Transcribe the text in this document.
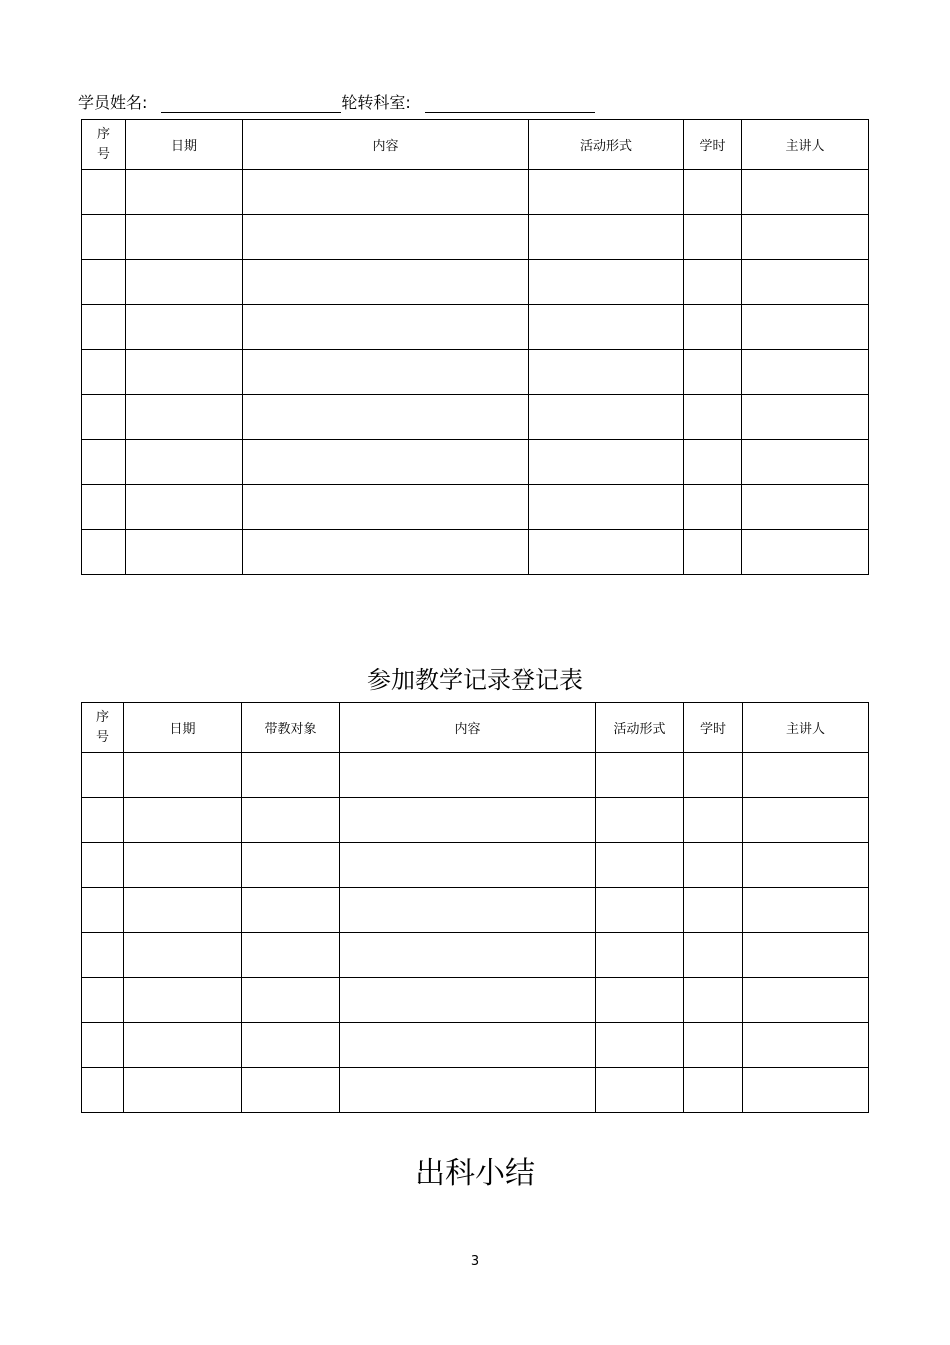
学员姓名:	轮转科室:
序号	日期	内容	活动形式	学时	主讲人

参加教学记录登记表
序号	日期	带教对象	内容	活动形式	学时	主讲人

出科小结
3
